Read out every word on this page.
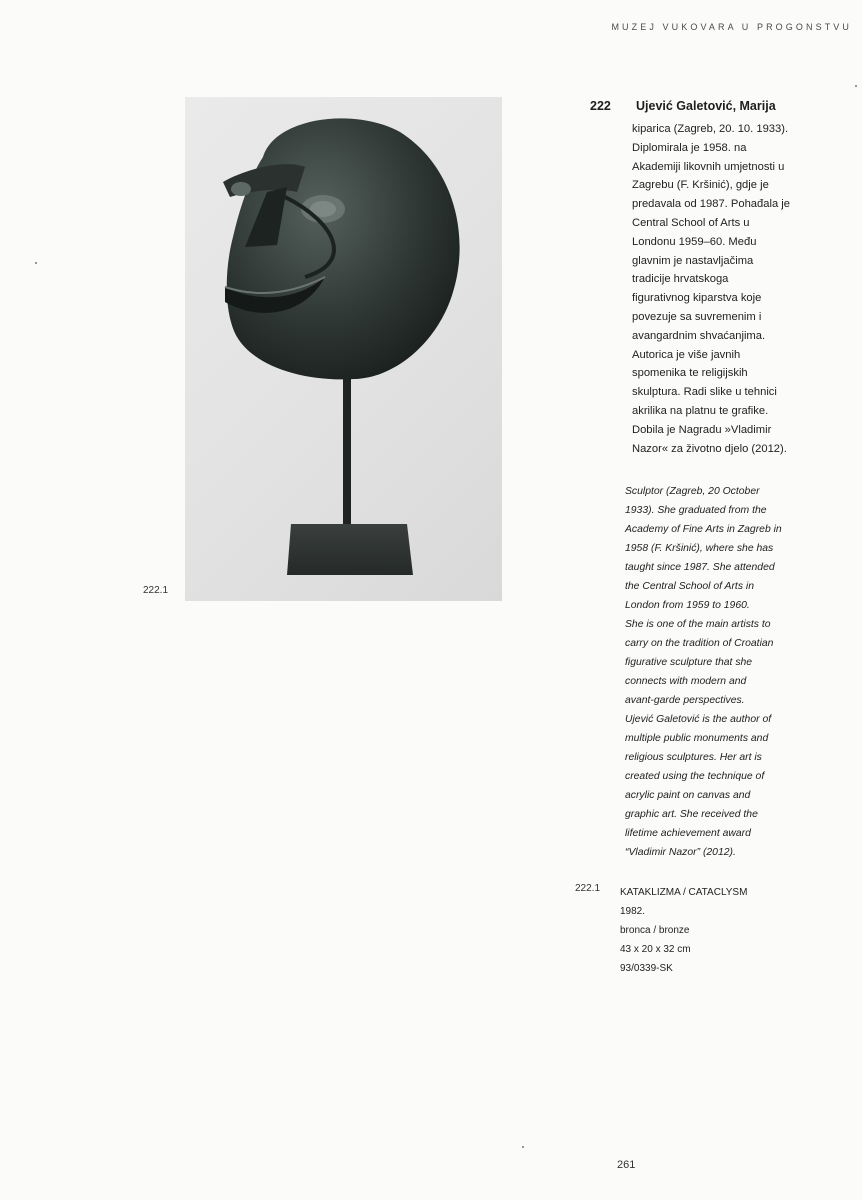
MUZEJ VUKOVARA U PROGONSTVU
222.1
222 Ujević Galetović, Marija
kiparica (Zagreb, 20. 10. 1933).
Diplomirala je 1958. na
Akademiji likovnih umjetnosti u
Zagrebu (F. Kršinić), gdje je
predavala od 1987. Pohađala je
Central School of Arts u
Londonu 1959–60. Među
glavnim je nastavljačima
tradicije hrvatskoga
figurativnog kiparstva koje
povezuje sa suvremenim i
avangardnim shvaćanjima.
Autorica je više javnih
spomenika te religijskih
skulptura. Radi slike u tehnici
akrilika na platnu te grafike.
Dobila je Nagradu »Vladimir
Nazor« za životno djelo (2012).
Sculptor (Zagreb, 20 October
1933). She graduated from the
Academy of Fine Arts in Zagreb in
1958 (F. Kršinić), where she has
taught since 1987. She attended
the Central School of Arts in
London from 1959 to 1960.
She is one of the main artists to
carry on the tradition of Croatian
figurative sculpture that she
connects with modern and
avant-garde perspectives.
Ujević Galetović is the author of
multiple public monuments and
religious sculptures. Her art is
created using the technique of
acrylic paint on canvas and
graphic art. She received the
lifetime achievement award
“Vladimir Nazor” (2012).
222.1 KATAKLIZMA / CATACLYSM
1982.
bronca / bronze
43 x 20 x 32 cm
93/0339-SK
261
